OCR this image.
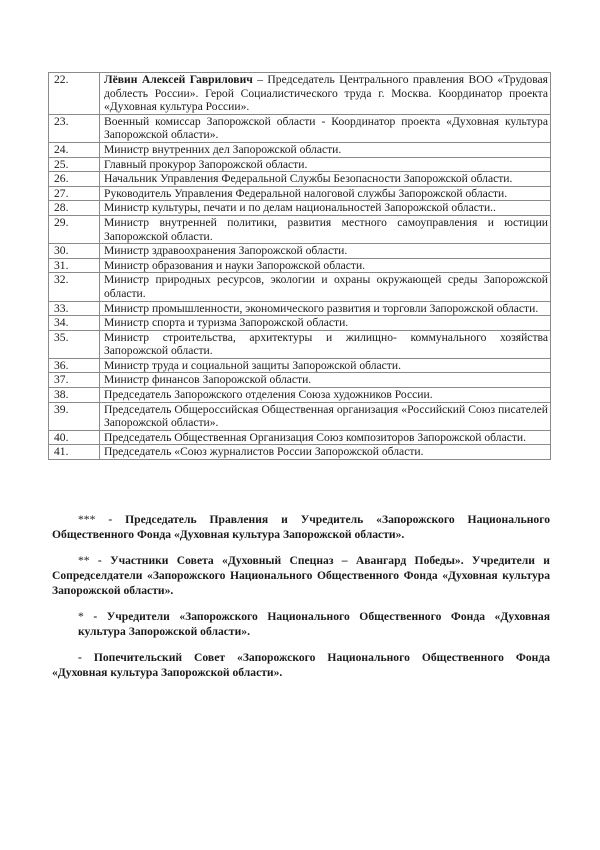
22.	Лёвин Алексей Гаврилович – Председатель Центрального правления ВОО «Трудовая доблесть России». Герой Социалистического труда г. Москва. Координатор проекта «Духовная культура России».
23.	Военный комиссар Запорожской области - Координатор проекта «Духовная культура Запорожской области».
24.	Министр внутренних дел Запорожской области.
25.	Главный прокурор Запорожской области.
26.	Начальник Управления Федеральной Службы Безопасности Запорожской области.
27.	Руководитель Управления Федеральной налоговой службы Запорожской области.
28.	Министр культуры, печати и по делам национальностей Запорожской области..
29.	Министр внутренней политики, развития местного самоуправления и юстиции Запорожской области.
30.	Министр здравоохранения Запорожской области.
31.	Министр образования и науки Запорожской области.
32.	Министр природных ресурсов, экологии и охраны окружающей среды Запорожской области.
33.	Министр промышленности, экономического развития и торговли Запорожской области.
34.	Министр спорта и туризма Запорожской области.
35.	Министр строительства, архитектуры и жилищно- коммунального хозяйства Запорожской области.
36.	Министр труда и социальной защиты Запорожской области.
37.	Министр финансов Запорожской области.
38.	Председатель Запорожского отделения Союза художников России.
39.	Председатель Общероссийская Общественная организация «Российский Союз писателей Запорожской области».
40.	Председатель Общественная Организация Союз композиторов Запорожской области.
41.	Председатель «Союз журналистов России Запорожской области.

*** - Председатель Правления и Учредитель «Запорожского Национального Общественного Фонда «Духовная культура Запорожской области».

** - Участники Совета «Духовный Спецназ – Авангард Победы». Учредители и Сопредселдатели «Запорожского Национального Общественного Фонда «Духовная культура Запорожской области».

* - Учредители «Запорожского Национального Общественного Фонда «Духовная культура Запорожской области».

- Попечительский Совет «Запорожского Национального Общественного Фонда «Духовная культура Запорожской области».
